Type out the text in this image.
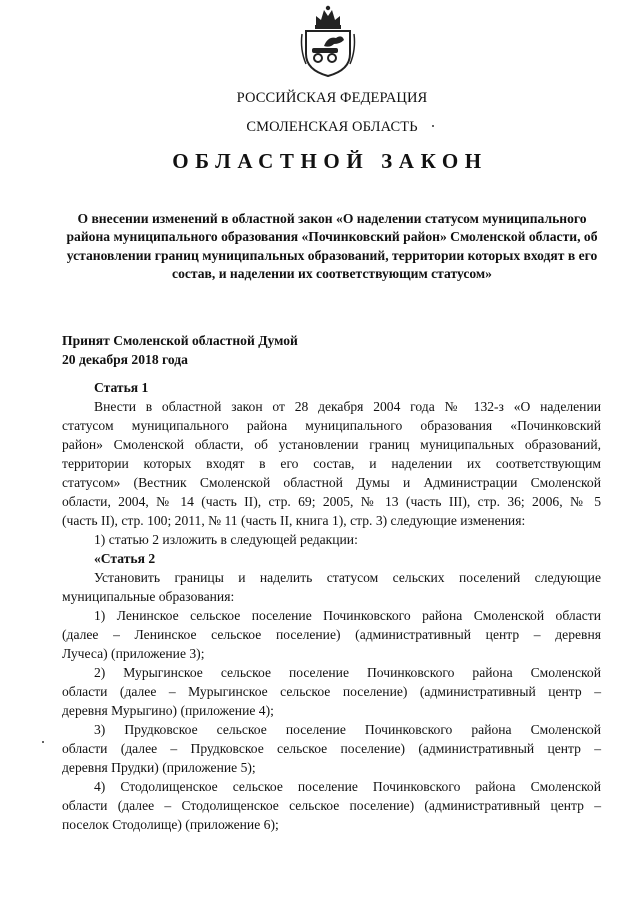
РОССИЙСКАЯ ФЕДЕРАЦИЯ
СМОЛЕНСКАЯ ОБЛАСТЬ
ОБЛАСТНОЙ ЗАКОН
О внесении изменений в областной закон «О наделении статусом муниципального района муниципального образования «Починковский район» Смоленской области, об установлении границ муниципальных образований, территории которых входят в его состав, и наделении их соответствующим статусом»
Принят Смоленской областной Думой
20 декабря 2018 года
Статья 1
Внести в областной закон от 28 декабря 2004 года № 132-з «О наделении
статусом муниципального района муниципального образования «Починковский
район» Смоленской области, об установлении границ муниципальных образований,
территории которых входят в его состав, и наделении их соответствующим
статусом» (Вестник Смоленской областной Думы и Администрации Смоленской
области, 2004, № 14 (часть II), стр. 69; 2005, № 13 (часть III), стр. 36; 2006, № 5
(часть II), стр. 100; 2011, № 11 (часть II, книга 1), стр. 3) следующие изменения:
1) статью 2 изложить в следующей редакции:
«Статья 2
Установить границы и наделить статусом сельских поселений следующие
муниципальные образования:
1) Ленинское сельское поселение Починковского района Смоленской области
(далее – Ленинское сельское поселение) (административный центр – деревня
Лучеса) (приложение 3);
2) Мурыгинское сельское поселение Починковского района Смоленской
области (далее – Мурыгинское сельское поселение) (административный центр –
деревня Мурыгино) (приложение 4);
3) Прудковское сельское поселение Починковского района Смоленской
области (далее – Прудковское сельское поселение) (административный центр –
деревня Прудки) (приложение 5);
4) Стодолищенское сельское поселение Починковского района Смоленской
области (далее – Стодолищенское сельское поселение) (административный центр –
поселок Стодолище) (приложение 6);
